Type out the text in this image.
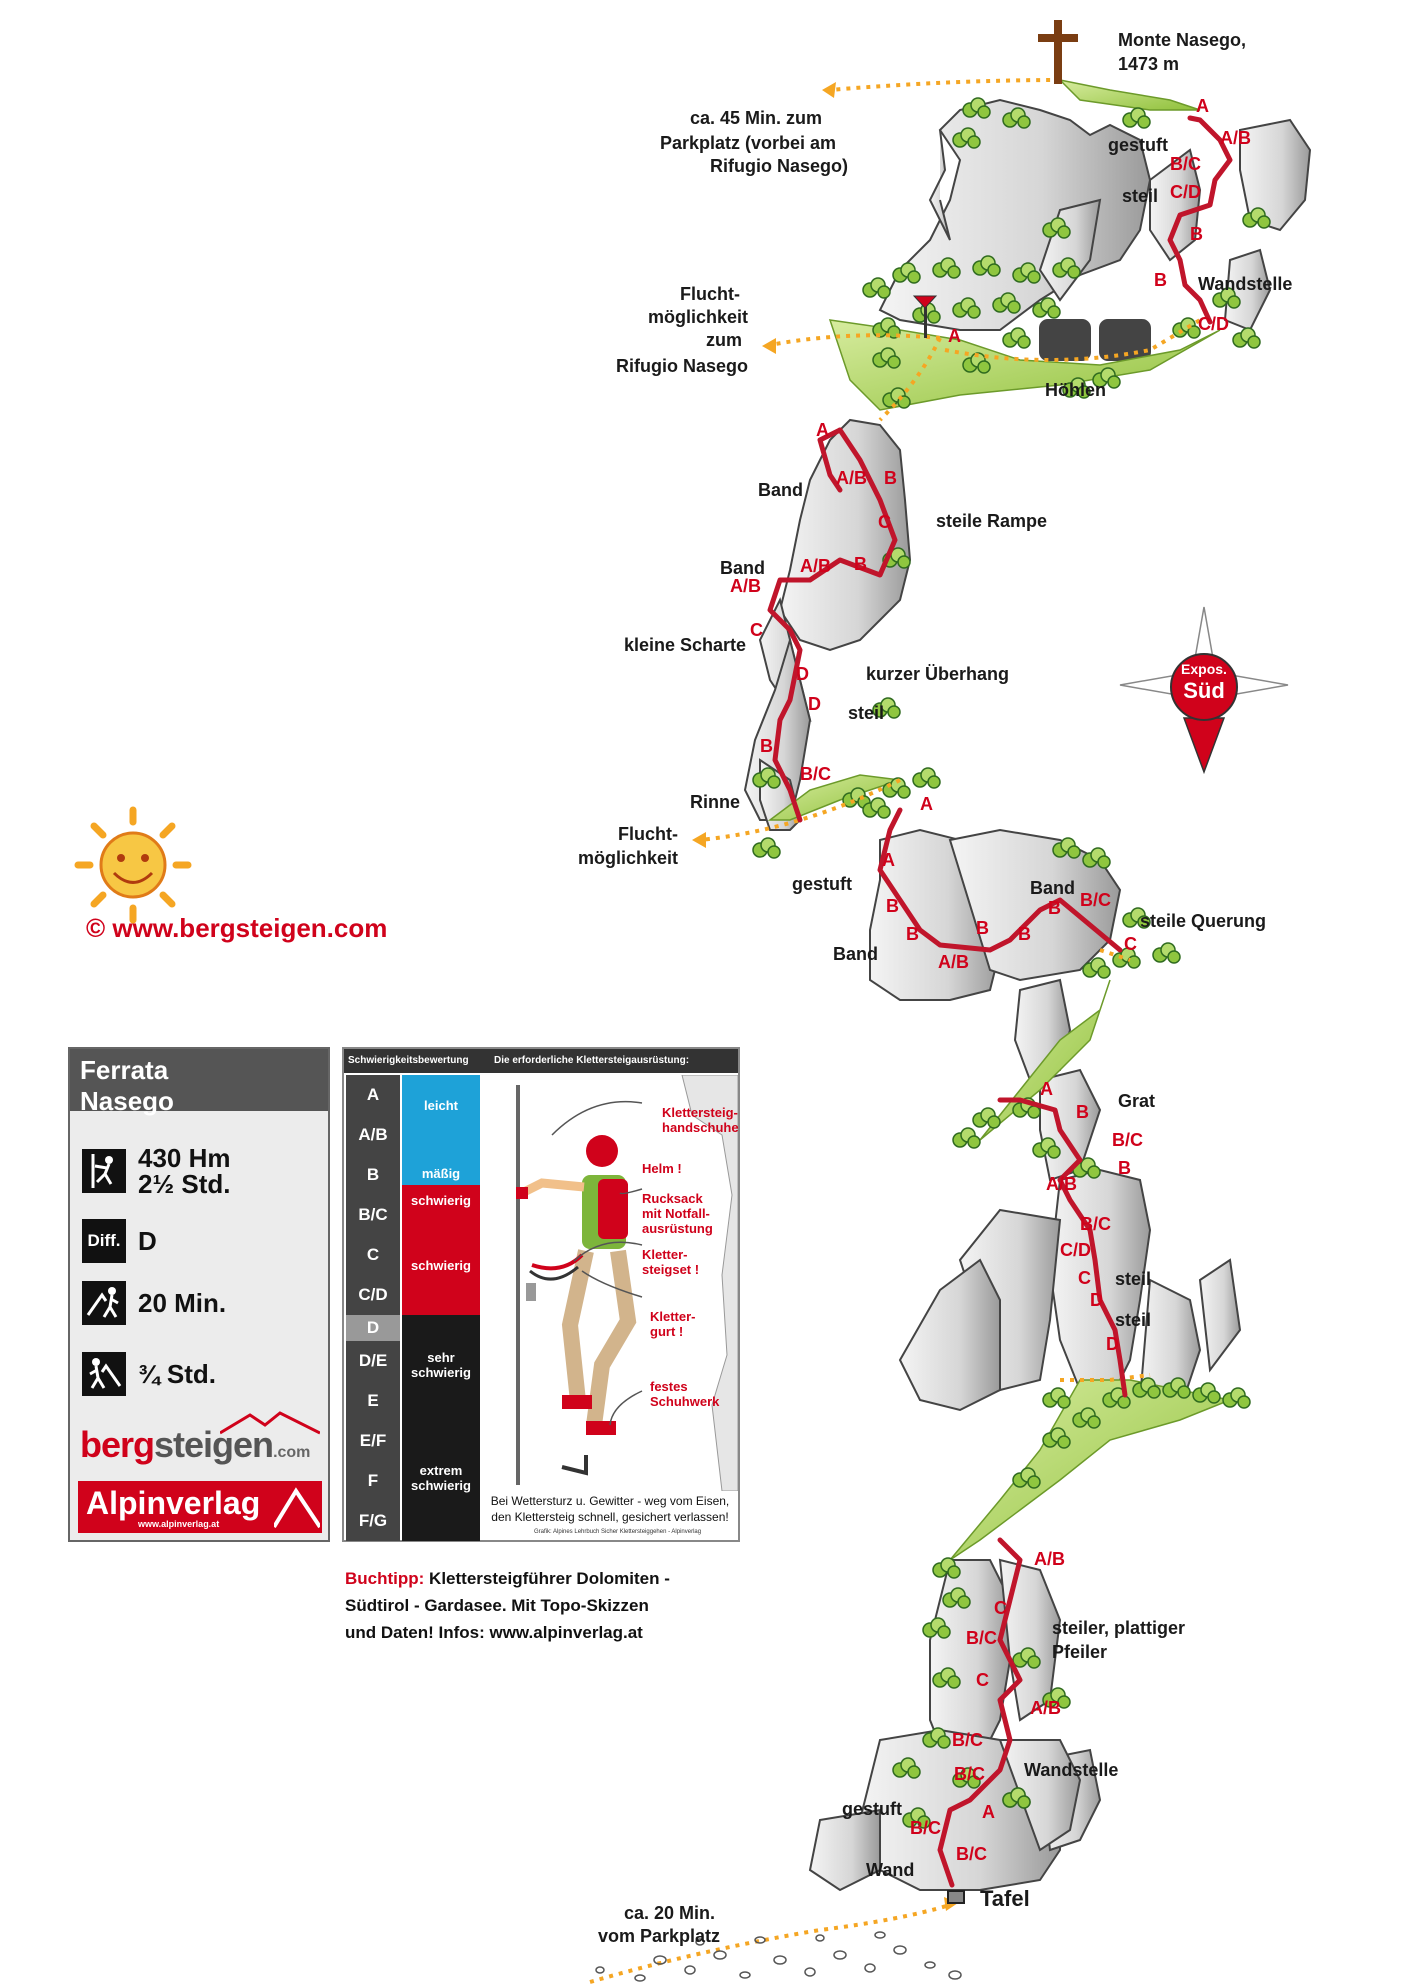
Expos.
Süd
Monte Nasego,
1473 m
ca. 45 Min. zum
Parkplatz (vorbei am
Rifugio Nasego)
gestuft
steil
Wandstelle
Flucht-
möglichkeit
zum
Rifugio Nasego
Höhlen
Band
steile Rampe
Band
kleine Scharte
kurzer Überhang
steil
Rinne
Flucht-
möglichkeit
gestuft	Band
Band
steile Querung
Grat
steil
steil
steiler, plattiger
Pfeiler
Wandstelle
gestuft
Wand
Tafel
ca. 20 Min.
vom Parkplatz
A
A/B
B/C
C/D
B
B
C/D
A
A
A/B B
C
B
A/B
A/B
C
D
D
B
B/C
A
A
B
B
A/B
B B
B B/C
C
A
B
B/C
B
A/B
B/C
C/D
C
D
D
A/B
C
B/C
C
A/B
B/C
B/C
A
B/C
B/C
© www.bergsteigen.com
Ferrata
Nasego
430 Hm
2½ Std.
Diff. D
20 Min.
¾ Std.
bergsteigen.com
Alpinverlag
www.alpinverlag.at
Schwierigkeitsbewertung	Die erforderliche Klettersteigausrüstung:
A
A/B
B
B/C
C
C/D
D
D/E
E
E/F
F
F/G
leicht
mäßig
schwierig
schwierig
sehr
schwierig
extrem
schwierig
Klettersteig-
handschuhe
Helm !
Rucksack
mit Notfall-
ausrüstung
Kletter-
steigset !
Kletter-
gurt !
festes
Schuhwerk
Bei Wettersturz u. Gewitter - weg vom Eisen,
den Klettersteig schnell, gesichert verlassen!
Grafik: Alpines Lehrbuch Sicher Klettersteiggehen - Alpinverlag
Buchtipp: Klettersteigführer Dolomiten -
Südtirol - Gardasee. Mit Topo-Skizzen
und Daten! Infos: www.alpinverlag.at
